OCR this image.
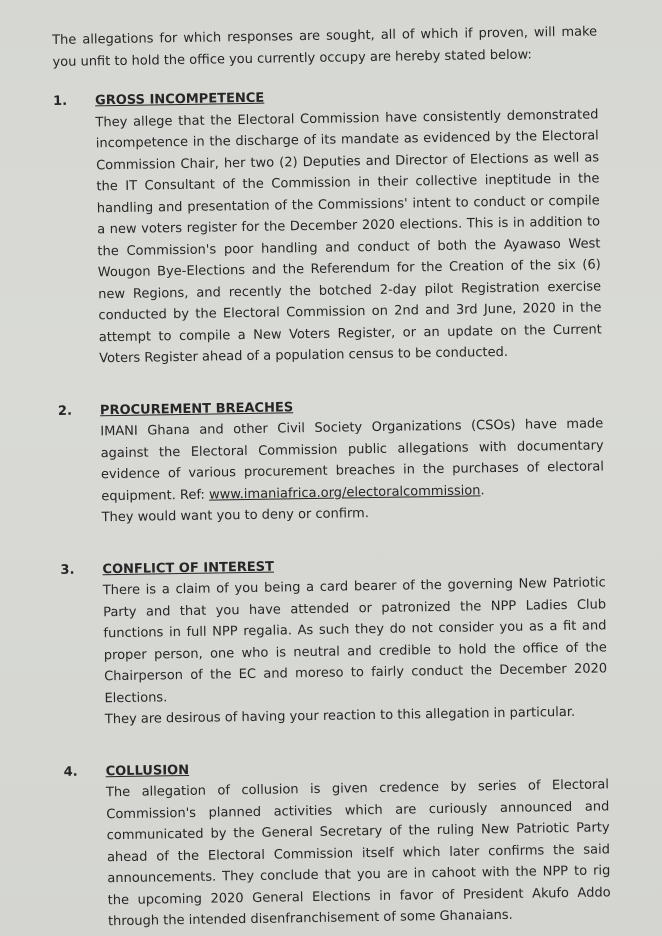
The allegations for which responses are sought, all of which if proven, will make you unfit to hold the office you currently occupy are hereby stated below:

1. GROSS INCOMPETENCE

They allege that the Electoral Commission have consistently demonstrated incompetence in the discharge of its mandate as evidenced by the Electoral Commission Chair, her two (2) Deputies and Director of Elections as well as the IT Consultant of the Commission in their collective ineptitude in the handling and presentation of the Commissions' intent to conduct or compile a new voters register for the December 2020 elections. This is in addition to the Commission's poor handling and conduct of both the Ayawaso West Wougon Bye-Elections and the Referendum for the Creation of the six (6) new Regions, and recently the botched 2-day pilot Registration exercise conducted by the Electoral Commission on 2nd and 3rd June, 2020 in the attempt to compile a New Voters Register, or an update on the Current Voters Register ahead of a population census to be conducted.

2. PROCUREMENT BREACHES

IMANI Ghana and other Civil Society Organizations (CSOs) have made against the Electoral Commission public allegations with documentary evidence of various procurement breaches in the purchases of electoral equipment. Ref: www.imaniafrica.org/electoralcommission.

They would want you to deny or confirm.

3. CONFLICT OF INTEREST

There is a claim of you being a card bearer of the governing New Patriotic Party and that you have attended or patronized the NPP Ladies Club functions in full NPP regalia. As such they do not consider you as a fit and proper person, one who is neutral and credible to hold the office of the Chairperson of the EC and moreso to fairly conduct the December 2020 Elections.

They are desirous of having your reaction to this allegation in particular.

4. COLLUSION

The allegation of collusion is given credence by series of Electoral Commission's planned activities which are curiously announced and communicated by the General Secretary of the ruling New Patriotic Party ahead of the Electoral Commission itself which later confirms the said announcements. They conclude that you are in cahoot with the NPP to rig the upcoming 2020 General Elections in favor of President Akufo Addo through the intended disenfranchisement of some Ghanaians.
